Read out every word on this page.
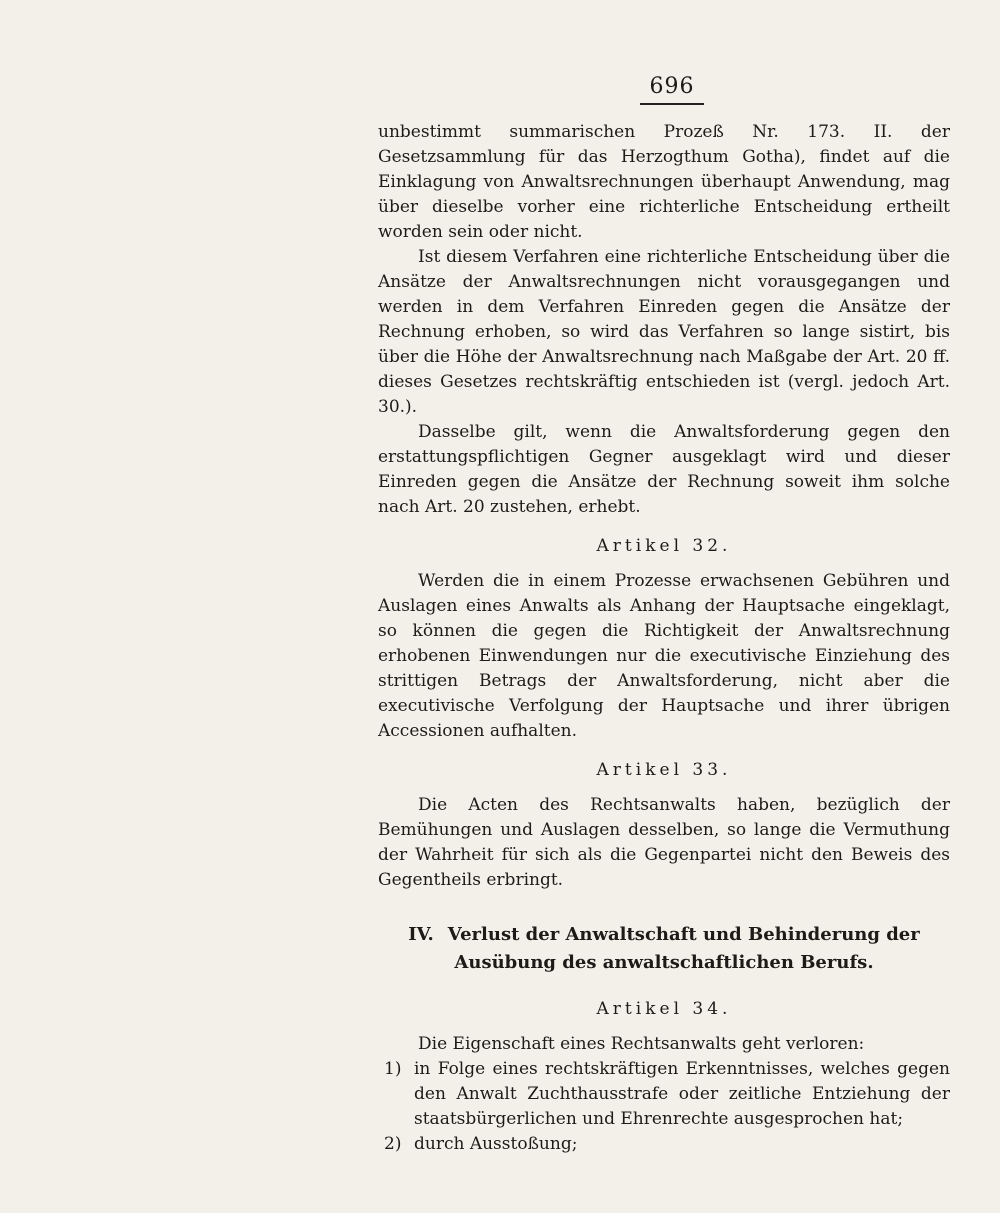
696

unbestimmt summarischen Prozeß Nr. 173. II. der Gesetzsammlung für das Herzogthum Gotha), findet auf die Einklagung von Anwaltsrechnungen überhaupt Anwendung, mag über dieselbe vorher eine richterliche Entscheidung ertheilt worden sein oder nicht.

Ist diesem Verfahren eine richterliche Entscheidung über die Ansätze der Anwaltsrechnungen nicht vorausgegangen und werden in dem Verfahren Einreden gegen die Ansätze der Rechnung erhoben, so wird das Verfahren so lange sistirt, bis über die Höhe der Anwaltsrechnung nach Maßgabe der Art. 20 ff. dieses Gesetzes rechtskräftig entschieden ist (vergl. jedoch Art. 30.).

Dasselbe gilt, wenn die Anwaltsforderung gegen den erstattungspflichtigen Gegner ausgeklagt wird und dieser Einreden gegen die Ansätze der Rechnung soweit ihm solche nach Art. 20 zustehen, erhebt.

Artikel 32.

Werden die in einem Prozesse erwachsenen Gebühren und Auslagen eines Anwalts als Anhang der Hauptsache eingeklagt, so können die gegen die Richtigkeit der Anwaltsrechnung erhobenen Einwendungen nur die executivische Einziehung des strittigen Betrags der Anwaltsforderung, nicht aber die executivische Verfolgung der Hauptsache und ihrer übrigen Accessionen aufhalten.

Artikel 33.

Die Acten des Rechtsanwalts haben, bezüglich der Bemühungen und Auslagen desselben, so lange die Vermuthung der Wahrheit für sich als die Gegenpartei nicht den Beweis des Gegentheils erbringt.

IV. Verlust der Anwaltschaft und Behinderung der Ausübung des anwaltschaftlichen Berufs.
Artikel 34.

Die Eigenschaft eines Rechtsanwalts geht verloren:

1) in Folge eines rechtskräftigen Erkenntnisses, welches gegen den Anwalt Zuchthausstrafe oder zeitliche Entziehung der staatsbürgerlichen und Ehrenrechte ausgesprochen hat;
2) durch Ausstoßung;
